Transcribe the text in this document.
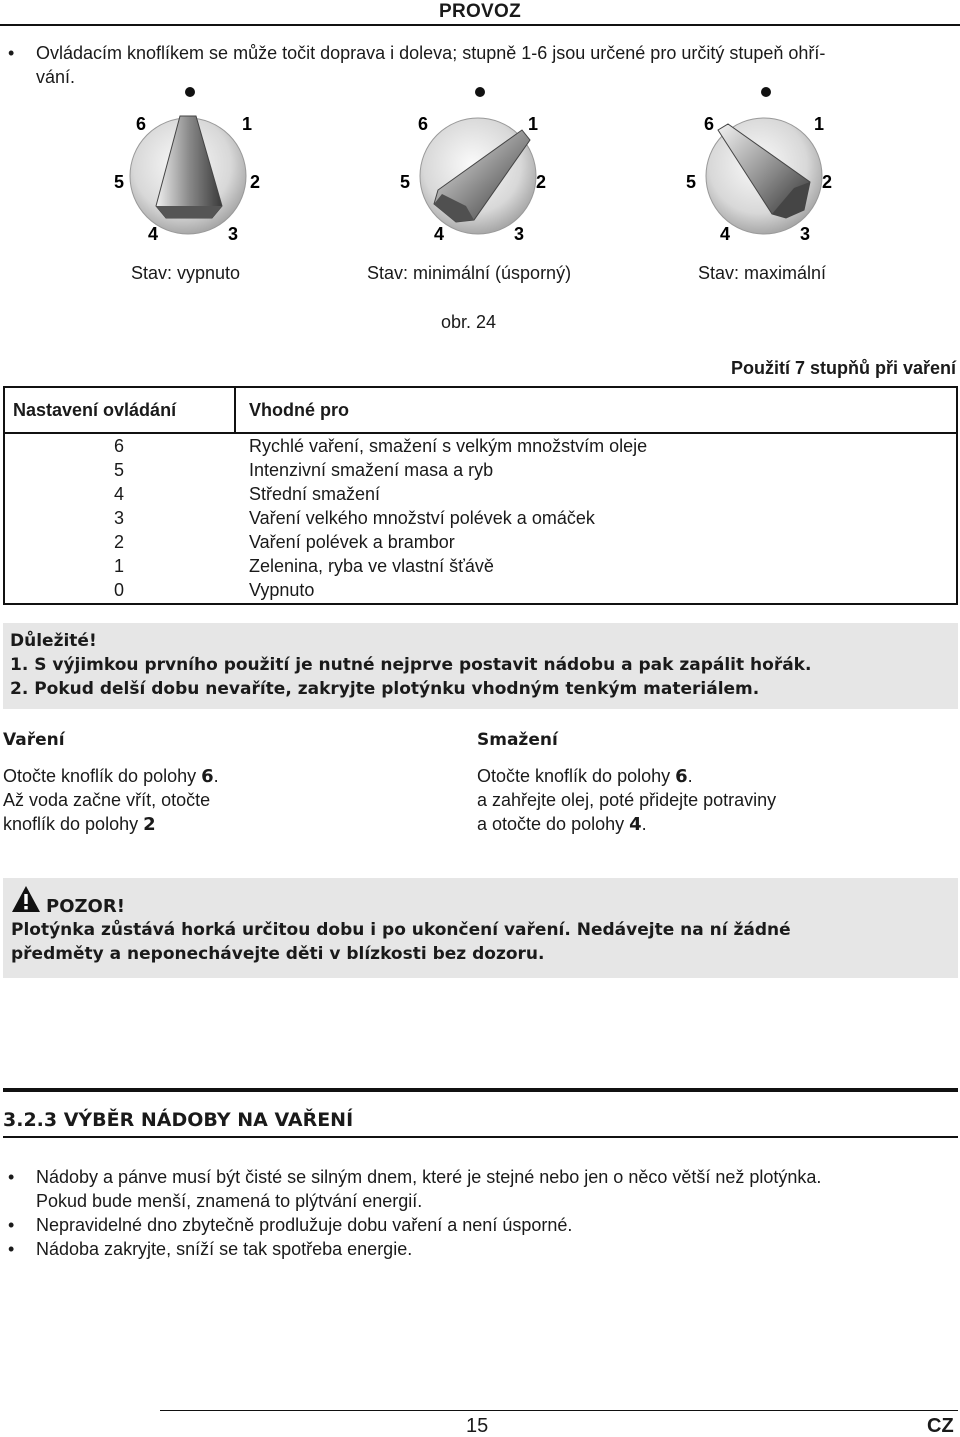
PROVOZ
•	Ovládacím knoflíkem se může točit doprava i doleva; stupně 1-6 jsou určené pro určitý stupeň ohří-
vání.
6	1
5	2
4	3
6	1
5	2
4	3
6	1
5	2
4	3
Stav: vypnuto	Stav: minimální (úsporný)	Stav: maximální
obr. 24
Použití 7 stupňů při vaření
Nastavení ovládání	Vhodné pro
6	Rychlé vaření, smažení s velkým množstvím oleje
5	Intenzivní smažení masa a ryb
4	Střední smažení
3	Vaření velkého množství polévek a omáček
2	Vaření polévek a brambor
1	Zelenina, ryba ve vlastní šťávě
0	Vypnuto
Důležité!
1. S výjimkou prvního použití je nutné nejprve postavit nádobu a pak zapálit hořák.
2. Pokud delší dobu nevaříte, zakryjte plotýnku vhodným tenkým materiálem.
Vaření
Otočte knoflík do polohy 6.
Až voda začne vřít, otočte
knoflík do polohy 2
Smažení
Otočte knoflík do polohy 6.
a zahřejte olej, poté přidejte potraviny
a otočte do polohy 4.
POZOR!
Plotýnka zůstává horká určitou dobu i po ukončení vaření. Nedávejte na ní žádné
předměty a neponechávejte děti v blízkosti bez dozoru.
3.2.3 VÝBĚR NÁDOBY NA VAŘENÍ
•	Nádoby a pánve musí být čisté se silným dnem, které je stejné nebo jen o něco větší než plotýnka.
Pokud bude menší, znamená to plýtvání energií.
•	Nepravidelné dno zbytečně prodlužuje dobu vaření a není úsporné.
•	Nádoba zakryjte, sníží se tak spotřeba energie.
15	CZ
